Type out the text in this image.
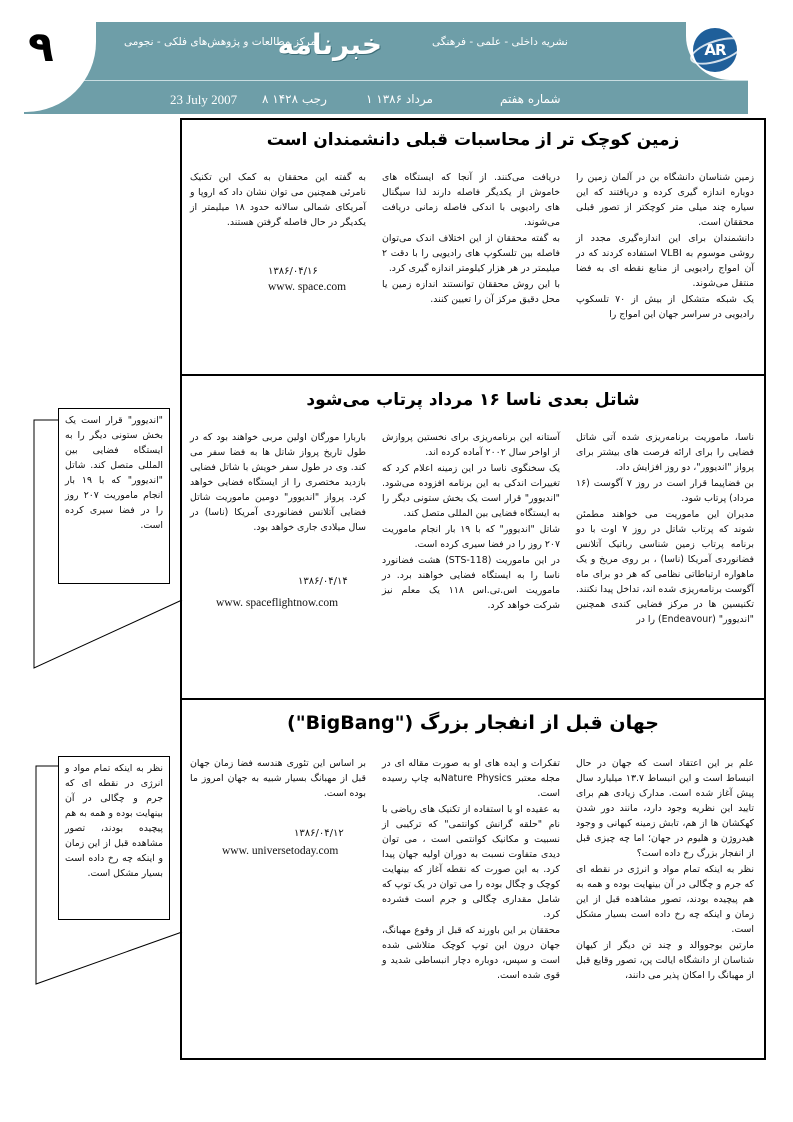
٩	AR
خبرنامه	نشریه داخلی - علمی - فرهنگی
مرکز مطالعات و پژوهش‌های فلکی - نجومی
شماره هفتم
۱ مرداد ۱۳۸۶
۸ رجب ۱۴۲۸
23 July 2007
زمین کوچک تر از محاسبات قبلی دانشمندان است

زمین شناسان دانشگاه بن در آلمان زمین را دوباره اندازه گیری کرده و دریافتند که این سیاره چند میلی متر کوچکتر از تصور قبلی محققان است.

دانشمندان برای این اندازه‌گیری مجدد از روشی موسوم به VLBI استفاده کردند که در آن امواج رادیویی از منابع نقطه ای به فضا منتقل می‌شوند.

یک شبکه متشکل از بیش از ۷۰ تلسکوپ رادیویی در سراسر جهان این امواج را

دریافت می‌کنند. از آنجا که ایستگاه های خاموش از یکدیگر فاصله دارند لذا سیگنال های رادیویی با اندکی فاصله زمانی دریافت می‌شوند.

به گفته محققان از این اختلاف اندک می‌توان فاصله بین تلسکوپ های رادیویی را با دقت ۲ میلیمتر در هر هزار کیلومتر اندازه گیری کرد.

با این روش محققان توانستند اندازه زمین یا محل دقیق مرکز آن را تعیین کنند.

به گفته این محققان به کمک این تکنیک نامرئی همچنین می توان نشان داد که اروپا و آمریکای شمالی سالانه حدود ۱۸ میلیمتر از یکدیگر در حال فاصله گرفتن هستند.

۱۳۸۶/۰۴/۱۶
www. space.com
شاتل بعدی ناسا ۱۶ مرداد پرتاب می‌شود

ناسا، ماموریت برنامه‌ریزی شده آتی شاتل فضایی را برای ارائه فرصت های بیشتر برای پرواز "اندیوور"، دو روز افزایش داد.

بن فضاپیما قرار است در روز ۷ آگوست (۱۶ مرداد) پرتاب شود.

مدیران این ماموریت می خواهند مطمئن شوند که پرتاب شاتل در روز ۷ اوت با دو برنامه پرتاب زمین شناسی رباتیک آتلانس فضانوردی آمریکا (ناسا) ، بر روی مریخ و یک ماهواره ارتباطاتی نظامی که هر دو برای ماه آگوست برنامه‌ریزی شده اند، تداخل پیدا نکنند. تکنیسین ها در مرکز فضایی کندی همچنین "اندیوور" (Endeavour) را در

آستانه این برنامه‌ریزی برای نخستین پروازش از اواخر سال ۲۰۰۲ آماده کرده اند.

یک سخنگوی ناسا در این زمینه اعلام کرد که تغییرات اندکی به این برنامه افزوده می‌شود. "اندیوور" قرار است یک بخش ستونی دیگر را به ایستگاه فضایی بین المللی متصل کند.

شاتل "اندیوور" که با ۱۹ بار انجام ماموریت ۲۰۷ روز را در فضا سیری کرده است.

در این ماموریت (STS-118) هشت فضانورد ناسا را به ایستگاه فضایی خواهند برد. در ماموریت اس.تی.اس ۱۱۸ یک معلم نیز شرکت خواهد کرد.

باربارا مورگان اولین مربی خواهند بود که در طول تاریخ پرواز شاتل ها به فضا سفر می کند. وی در طول سفر خویش با شاتل فضایی بازدید مختصری را از ایستگاه فضایی خواهد کرد. پرواز "اندیوور" دومین ماموریت شاتل فضایی آتلانس فضانوردی آمریکا (ناسا) در سال میلادی جاری خواهد بود.

۱۳۸۶/۰۴/۱۴
www. spaceflightnow.com
"اندیوور" قرار است یک بخش ستونی دیگر را به ایستگاه فضایی بین المللی متصل کند. شاتل "اندیوور" که با ۱۹ بار انجام ماموریت ۲۰۷ روز را در فضا سیری کرده است.
جهان قبل از انفجار بزرگ ("BigBang")

علم بر این اعتقاد است که جهان در حال انبساط است و این انبساط ۱۳.۷ میلیارد سال پیش آغاز شده است. مدارک زیادی هم برای تایید این نظریه وجود دارد، مانند دور شدن کهکشان ها از هم، تابش زمینه کیهانی و وجود هیدروژن و هلیوم در جهان؛ اما چه چیزی قبل از انفجار بزرگ رخ داده است؟

نظر به اینکه تمام مواد و انرژی در نقطه ای که جرم و چگالی در آن بینهایت بوده و همه به هم پیچیده بودند، تصور مشاهده قبل از این زمان و اینکه چه رخ داده است بسیار مشکل است.

مارتین بوجووالد و چند تن دیگر از کیهان شناسان از دانشگاه ایالت پن، تصور وقایع قبل از مهبانگ را امکان پذیر می دانند،

تفکرات و ایده های او به صورت مقاله ای در مجله معتبر Nature Physicsبه چاپ رسیده است.

به عقیده او با استفاده از تکنیک های ریاضی با نام "حلقه گرانش کوانتمی" که ترکیبی از نسبیت و مکانیک کوانتمی است ، می توان دیدی متفاوت نسبت به دوران اولیه جهان پیدا کرد. به این صورت که نقطه آغاز که بینهایت کوچک و چگال بوده را می توان در یک توپ که شامل مقداری چگالی و جرم است فشرده کرد.

محققان بر این باورند که قبل از وقوع مهبانگ، جهان درون این توپ کوچک متلاشی شده است و سپس، دوباره دچار انبساطی شدید و قوی شده است.

بر اساس این تئوری هندسه فضا زمان جهان قبل از مهبانگ بسیار شبیه به جهان امروز ما بوده است.

۱۳۸۶/۰۴/۱۲
www. universetoday.com
نظر به اینکه تمام مواد و انرژی در نقطه ای که جرم و چگالی در آن بینهایت بوده و همه به هم پیچیده بودند، تصور مشاهده قبل از این زمان و اینکه چه رخ داده است بسیار مشکل است.
